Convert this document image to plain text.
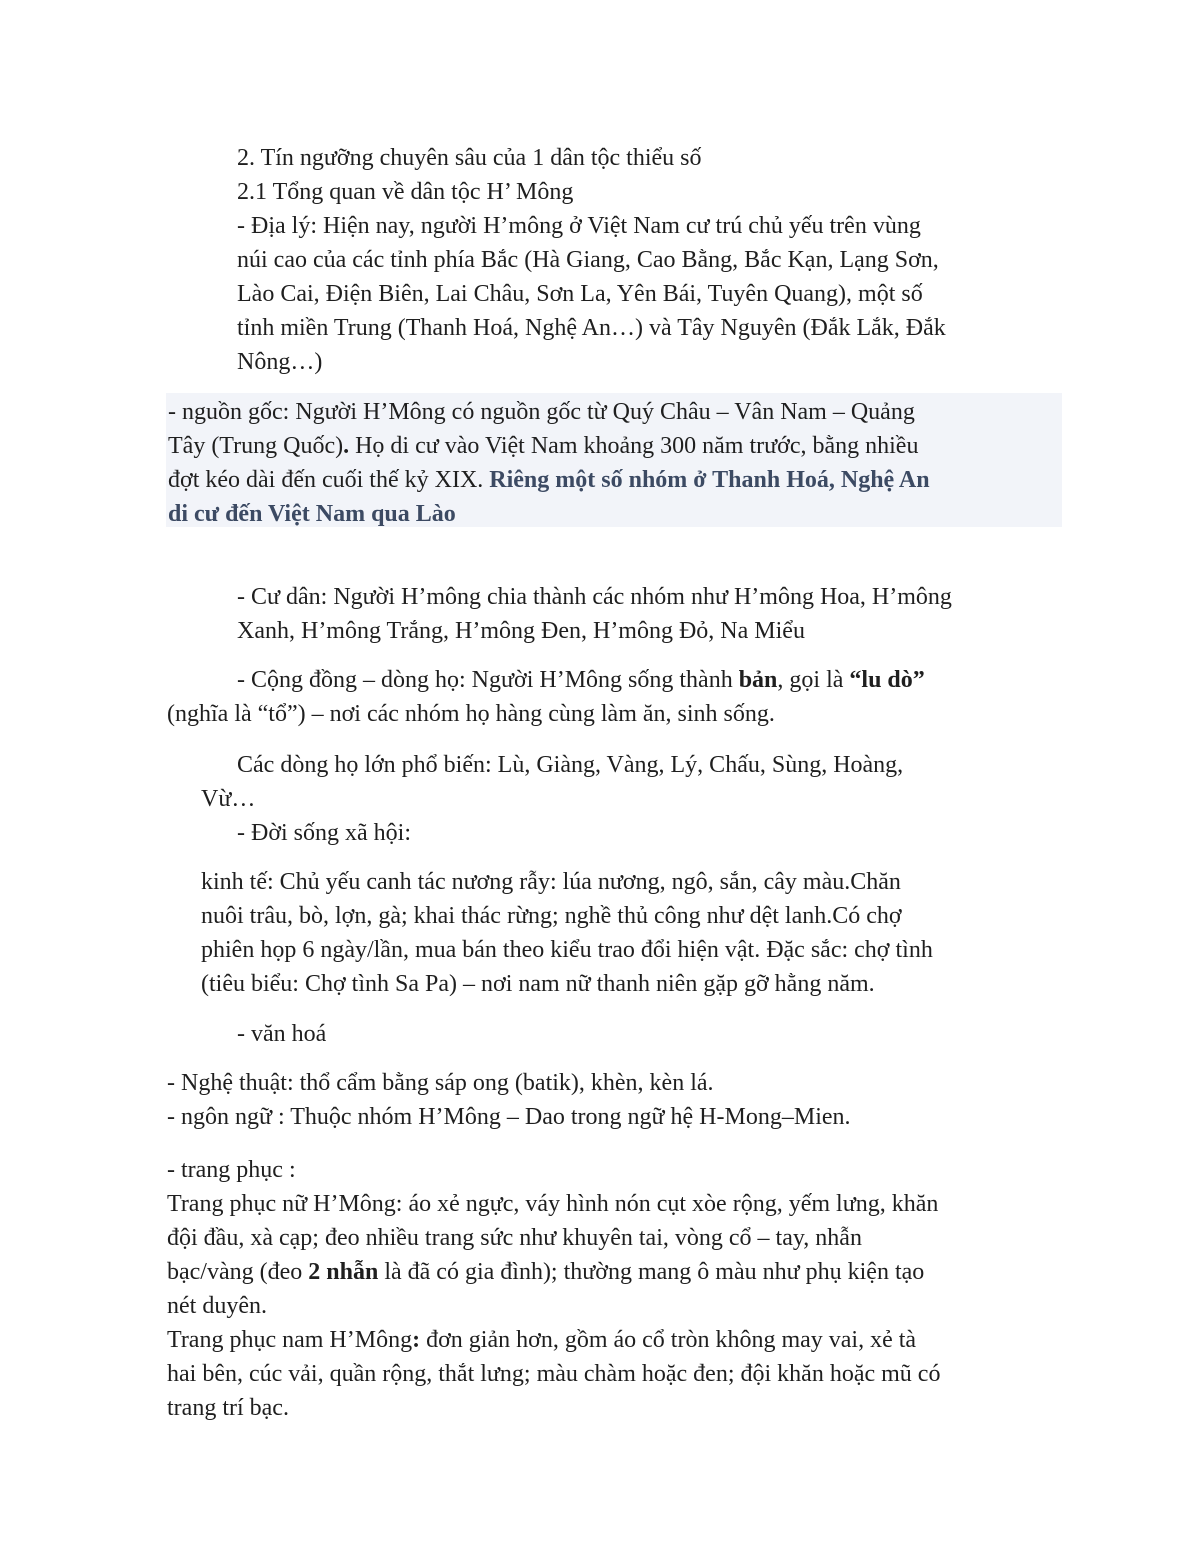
2. Tín ngưỡng chuyên sâu của 1 dân tộc thiểu số
2.1 Tổng quan về dân tộc H’ Mông
- Địa lý: Hiện nay, người H’mông ở Việt Nam cư trú chủ yếu trên vùng
núi cao của các tỉnh phía Bắc (Hà Giang, Cao Bằng, Bắc Kạn, Lạng Sơn,
Lào Cai, Điện Biên, Lai Châu, Sơn La, Yên Bái, Tuyên Quang), một số
tỉnh miền Trung (Thanh Hoá, Nghệ An…) và Tây Nguyên (Đắk Lắk, Đắk
Nông…)
- nguồn gốc: Người H’Mông có nguồn gốc từ Quý Châu – Vân Nam – Quảng
Tây (Trung Quốc). Họ di cư vào Việt Nam khoảng 300 năm trước, bằng nhiều
đợt kéo dài đến cuối thế kỷ XIX. Riêng một số nhóm ở Thanh Hoá, Nghệ An
di cư đến Việt Nam qua Lào
- Cư dân: Người H’mông chia thành các nhóm như H’mông Hoa, H’mông
Xanh, H’mông Trắng, H’mông Đen, H’mông Đỏ, Na Miểu
- Cộng đồng – dòng họ: Người H’Mông sống thành bản, gọi là “lu dò”
(nghĩa là “tổ”) – nơi các nhóm họ hàng cùng làm ăn, sinh sống.
Các dòng họ lớn phổ biến: Lù, Giàng, Vàng, Lý, Chấu, Sùng, Hoàng,
Vừ…
- Đời sống xã hội:
kinh tế: Chủ yếu canh tác nương rẫy: lúa nương, ngô, sắn, cây màu.Chăn
nuôi trâu, bò, lợn, gà; khai thác rừng; nghề thủ công như dệt lanh.Có chợ
phiên họp 6 ngày/lần, mua bán theo kiểu trao đổi hiện vật. Đặc sắc: chợ tình
(tiêu biểu: Chợ tình Sa Pa) – nơi nam nữ thanh niên gặp gỡ hằng năm.
- văn hoá
- Nghệ thuật: thổ cẩm bằng sáp ong (batik), khèn, kèn lá.
- ngôn ngữ : Thuộc nhóm H’Mông – Dao trong ngữ hệ H-Mong–Mien.
- trang phục :
Trang phục nữ H’Mông: áo xẻ ngực, váy hình nón cụt xòe rộng, yếm lưng, khăn
đội đầu, xà cạp; đeo nhiều trang sức như khuyên tai, vòng cổ – tay, nhẫn
bạc/vàng (đeo 2 nhẫn là đã có gia đình); thường mang ô màu như phụ kiện tạo
nét duyên.
Trang phục nam H’Mông: đơn giản hơn, gồm áo cổ tròn không may vai, xẻ tà
hai bên, cúc vải, quần rộng, thắt lưng; màu chàm hoặc đen; đội khăn hoặc mũ có
trang trí bạc.
